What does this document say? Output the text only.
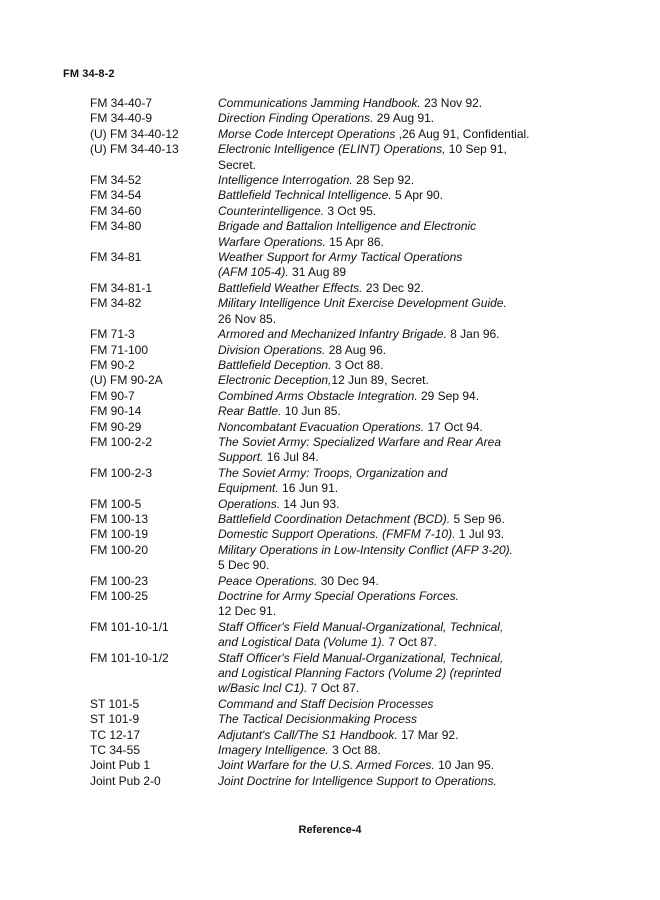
FM 34-8-2
FM 34-40-7	Communications Jamming Handbook. 23 Nov 92.
FM 34-40-9	Direction Finding Operations. 29 Aug 91.
(U) FM 34-40-12	Morse Code Intercept Operations ,26 Aug 91, Confidential.
(U) FM 34-40-13	Electronic Intelligence (ELINT) Operations, 10 Sep 91,
Secret.
FM 34-52	Intelligence Interrogation. 28 Sep 92.
FM 34-54	Battlefield Technical Intelligence. 5 Apr 90.
FM 34-60	Counterintelligence. 3 Oct 95.
FM 34-80	Brigade and Battalion Intelligence and Electronic
Warfare Operations. 15 Apr 86.
FM 34-81	Weather Support for Army Tactical Operations
(AFM 105-4). 31 Aug 89
FM 34-81-1	Battlefield Weather Effects. 23 Dec 92.
FM 34-82	Military Intelligence Unit Exercise Development Guide.
26 Nov 85.
FM 71-3	Armored and Mechanized Infantry Brigade. 8 Jan 96.
FM 71-100	Division Operations. 28 Aug 96.
FM 90-2	Battlefield Deception. 3 Oct 88.
(U) FM 90-2A	Electronic Deception,12 Jun 89, Secret.
FM 90-7	Combined Arms Obstacle Integration. 29 Sep 94.
FM 90-14	Rear Battle. 10 Jun 85.
FM 90-29	Noncombatant Evacuation Operations. 17 Oct 94.
FM 100-2-2	The Soviet Army: Specialized Warfare and Rear Area
Support. 16 Jul 84.
FM 100-2-3	The Soviet Army: Troops, Organization and
Equipment. 16 Jun 91.
FM 100-5	Operations. 14 Jun 93.
FM 100-13	Battlefield Coordination Detachment (BCD). 5 Sep 96.
FM 100-19	Domestic Support Operations. (FMFM 7-10). 1 Jul 93.
FM 100-20	Military Operations in Low-Intensity Conflict (AFP 3-20).
5 Dec 90.
FM 100-23	Peace Operations. 30 Dec 94.
FM 100-25	Doctrine for Army Special Operations Forces.
12 Dec 91.
FM 101-10-1/1	Staff Officer's Field Manual-Organizational, Technical,
and Logistical Data (Volume 1). 7 Oct 87.
FM 101-10-1/2	Staff Officer's Field Manual-Organizational, Technical,
and Logistical Planning Factors (Volume 2) (reprinted
w/Basic Incl C1). 7 Oct 87.
ST 101-5	Command and Staff Decision Processes
ST 101-9	The Tactical Decisionmaking Process
TC 12-17	Adjutant's Call/The S1 Handbook. 17 Mar 92.
TC 34-55	Imagery Intelligence. 3 Oct 88.
Joint Pub 1	Joint Warfare for the U.S. Armed Forces. 10 Jan 95.
Joint Pub 2-0	Joint Doctrine for Intelligence Support to Operations.
Reference-4
